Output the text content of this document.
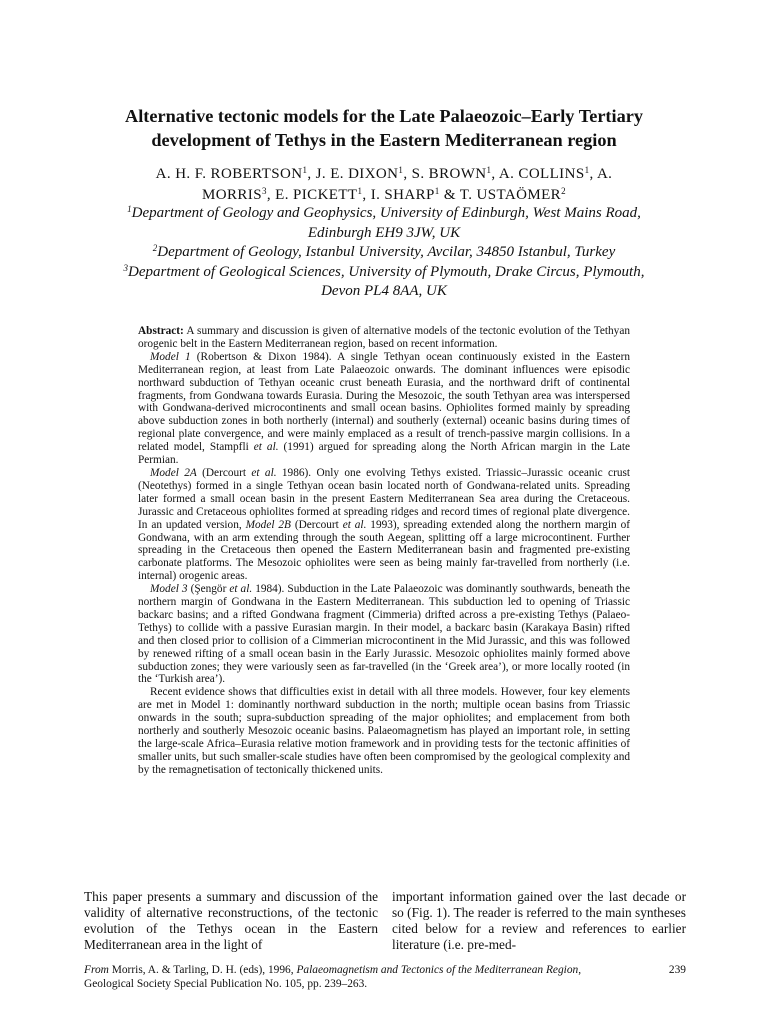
Alternative tectonic models for the Late Palaeozoic–Early Tertiary
development of Tethys in the Eastern Mediterranean region
A. H. F. ROBERTSON$^1$, J. E. DIXON$^1$, S. BROWN$^1$, A. COLLINS$^1$, A.
MORRIS$^3$, E. PICKETT$^1$, I. SHARP$^1$ & T. USTAÖMER$^2$
$^1$Department of Geology and Geophysics, University of Edinburgh, West Mains Road,
Edinburgh EH9 3JW, UK
$^2$Department of Geology, Istanbul University, Avcilar, 34850 Istanbul, Turkey
$^3$Department of Geological Sciences, University of Plymouth, Drake Circus, Plymouth,
Devon PL4 8AA, UK

Abstract: A summary and discussion is given of alternative models of the tectonic evolution of the Tethyan orogenic belt in the Eastern Mediterranean region, based on recent information.

Model 1 (Robertson & Dixon 1984). A single Tethyan ocean continuously existed in the Eastern Mediterranean region, at least from Late Palaeozoic onwards. The dominant influences were episodic northward subduction of Tethyan oceanic crust beneath Eurasia, and the northward drift of continental fragments, from Gondwana towards Eurasia. During the Mesozoic, the south Tethyan area was interspersed with Gondwana-derived microcontinents and small ocean basins. Ophiolites formed mainly by spreading above subduction zones in both northerly (internal) and southerly (external) oceanic basins during times of regional plate convergence, and were mainly emplaced as a result of trench-passive margin collisions. In a related model, Stampfli et al. (1991) argued for spreading along the North African margin in the Late Permian.

Model 2A (Dercourt et al. 1986). Only one evolving Tethys existed. Triassic–Jurassic oceanic crust (Neotethys) formed in a single Tethyan ocean basin located north of Gondwana-related units. Spreading later formed a small ocean basin in the present Eastern Mediterranean Sea area during the Cretaceous. Jurassic and Cretaceous ophiolites formed at spreading ridges and record times of regional plate divergence. In an updated version, Model 2B (Dercourt et al. 1993), spreading extended along the northern margin of Gondwana, with an arm extending through the south Aegean, splitting off a large microcontinent. Further spreading in the Cretaceous then opened the Eastern Mediterranean basin and fragmented pre-existing carbonate platforms. The Mesozoic ophiolites were seen as being mainly far-travelled from northerly (i.e. internal) orogenic areas.

Model 3 (Şengör et al. 1984). Subduction in the Late Palaeozoic was dominantly southwards, beneath the northern margin of Gondwana in the Eastern Mediterranean. This subduction led to opening of Triassic backarc basins; and a rifted Gondwana fragment (Cimmeria) drifted across a pre-existing Tethys (Palaeo-Tethys) to collide with a passive Eurasian margin. In their model, a backarc basin (Karakaya Basin) rifted and then closed prior to collision of a Cimmerian microcontinent in the Mid Jurassic, and this was followed by renewed rifting of a small ocean basin in the Early Jurassic. Mesozoic ophiolites mainly formed above subduction zones; they were variously seen as far-travelled (in the ‘Greek area’), or more locally rooted (in the ‘Turkish area’).

Recent evidence shows that difficulties exist in detail with all three models. However, four key elements are met in Model 1: dominantly northward subduction in the north; multiple ocean basins from Triassic onwards in the south; supra-subduction spreading of the major ophiolites; and emplacement from both northerly and southerly Mesozoic oceanic basins. Palaeomagnetism has played an important role, in setting the large-scale Africa–Eurasia relative motion framework and in providing tests for the tectonic affinities of smaller units, but such smaller-scale studies have often been compromised by the geological complexity and by the remagnetisation of tectonically thickened units.

This paper presents a summary and discussion of the validity of alternative reconstructions, of the tectonic evolution of the Tethys ocean in the Eastern Mediterranean area in the light of

important information gained over the last decade or so (Fig. 1). The reader is referred to the main syntheses cited below for a review and references to earlier literature (i.e. pre-med-

From Morris, A. & Tarling, D. H. (eds), 1996, Palaeomagnetism and Tectonics of the Mediterranean Region, Geological Society Special Publication No. 105, pp. 239–263.
239
